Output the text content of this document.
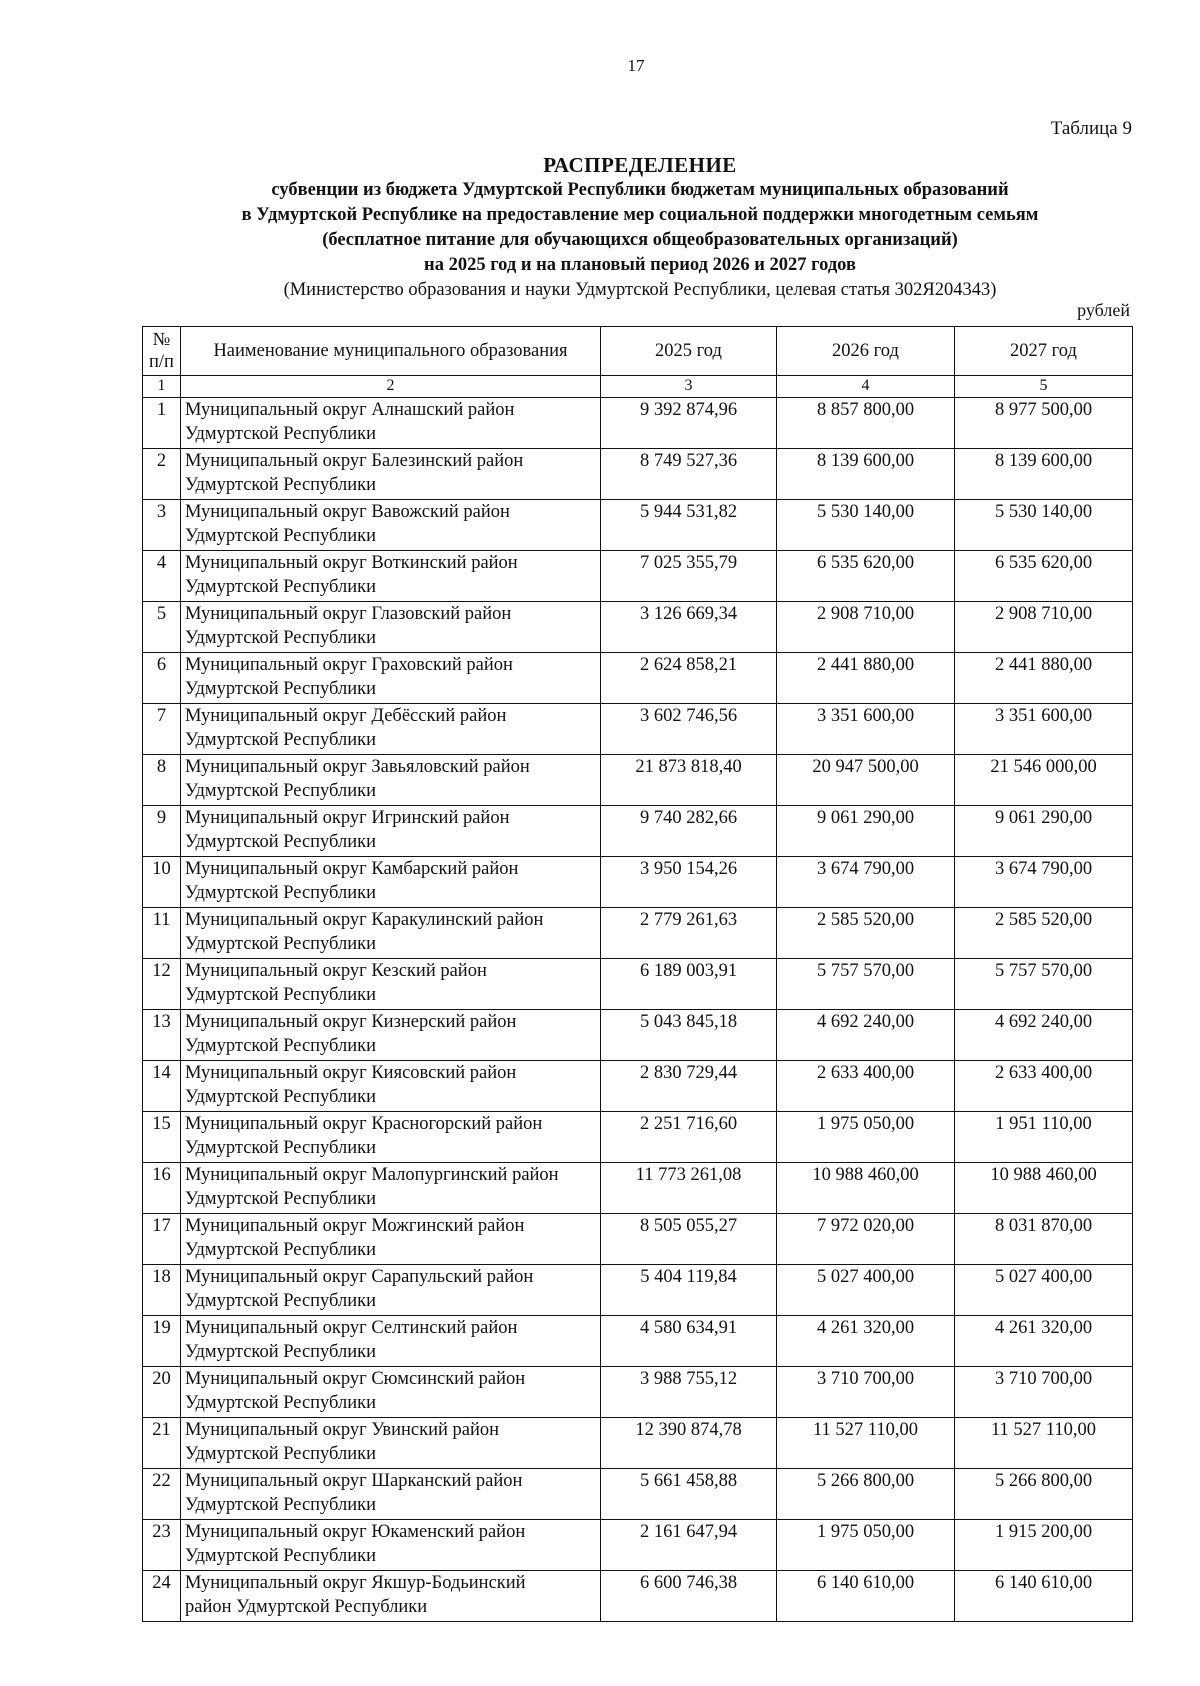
17
Таблица 9
РАСПРЕДЕЛЕНИЕ
субвенции из бюджета Удмуртской Республики бюджетам муниципальных образований
в Удмуртской Республике на предоставление мер социальной поддержки многодетным семьям
(бесплатное питание для обучающихся общеобразовательных организаций)
на 2025 год и на плановый период 2026 и 2027 годов
(Министерство образования и науки Удмуртской Республики, целевая статья 302Я204343)
рублей
№
п/п	Наименование муниципального образования	2025 год	2026 год	2027 год
1	2	3	4	5

1	Муниципальный округ Алнашский район
Удмуртской Республики	9 392 874,96	8 857 800,00	8 977 500,00

2	Муниципальный округ Балезинский район
Удмуртской Республики	8 749 527,36	8 139 600,00	8 139 600,00

3	Муниципальный округ Вавожский район
Удмуртской Республики	5 944 531,82	5 530 140,00	5 530 140,00

4	Муниципальный округ Воткинский район
Удмуртской Республики	7 025 355,79	6 535 620,00	6 535 620,00

5	Муниципальный округ Глазовский район
Удмуртской Республики	3 126 669,34	2 908 710,00	2 908 710,00

6	Муниципальный округ Граховский район
Удмуртской Республики	2 624 858,21	2 441 880,00	2 441 880,00

7	Муниципальный округ Дебёсский район
Удмуртской Республики	3 602 746,56	3 351 600,00	3 351 600,00

8	Муниципальный округ Завьяловский район
Удмуртской Республики	21 873 818,40	20 947 500,00	21 546 000,00

9	Муниципальный округ Игринский район
Удмуртской Республики	9 740 282,66	9 061 290,00	9 061 290,00

10	Муниципальный округ Камбарский район
Удмуртской Республики	3 950 154,26	3 674 790,00	3 674 790,00

11	Муниципальный округ Каракулинский район
Удмуртской Республики	2 779 261,63	2 585 520,00	2 585 520,00

12	Муниципальный округ Кезский район
Удмуртской Республики	6 189 003,91	5 757 570,00	5 757 570,00

13	Муниципальный округ Кизнерский район
Удмуртской Республики	5 043 845,18	4 692 240,00	4 692 240,00

14	Муниципальный округ Киясовский район
Удмуртской Республики	2 830 729,44	2 633 400,00	2 633 400,00

15	Муниципальный округ Красногорский район
Удмуртской Республики	2 251 716,60	1 975 050,00	1 951 110,00

16	Муниципальный округ Малопургинский район
Удмуртской Республики	11 773 261,08	10 988 460,00	10 988 460,00

17	Муниципальный округ Можгинский район
Удмуртской Республики	8 505 055,27	7 972 020,00	8 031 870,00

18	Муниципальный округ Сарапульский район
Удмуртской Республики	5 404 119,84	5 027 400,00	5 027 400,00

19	Муниципальный округ Селтинский район
Удмуртской Республики	4 580 634,91	4 261 320,00	4 261 320,00

20	Муниципальный округ Сюмсинский район
Удмуртской Республики	3 988 755,12	3 710 700,00	3 710 700,00

21	Муниципальный округ Увинский район
Удмуртской Республики	12 390 874,78	11 527 110,00	11 527 110,00

22	Муниципальный округ Шарканский район
Удмуртской Республики	5 661 458,88	5 266 800,00	5 266 800,00

23	Муниципальный округ Юкаменский район
Удмуртской Республики	2 161 647,94	1 975 050,00	1 915 200,00

24	Муниципальный округ Якшур-Бодьинский
район Удмуртской Республики	6 600 746,38	6 140 610,00	6 140 610,00
